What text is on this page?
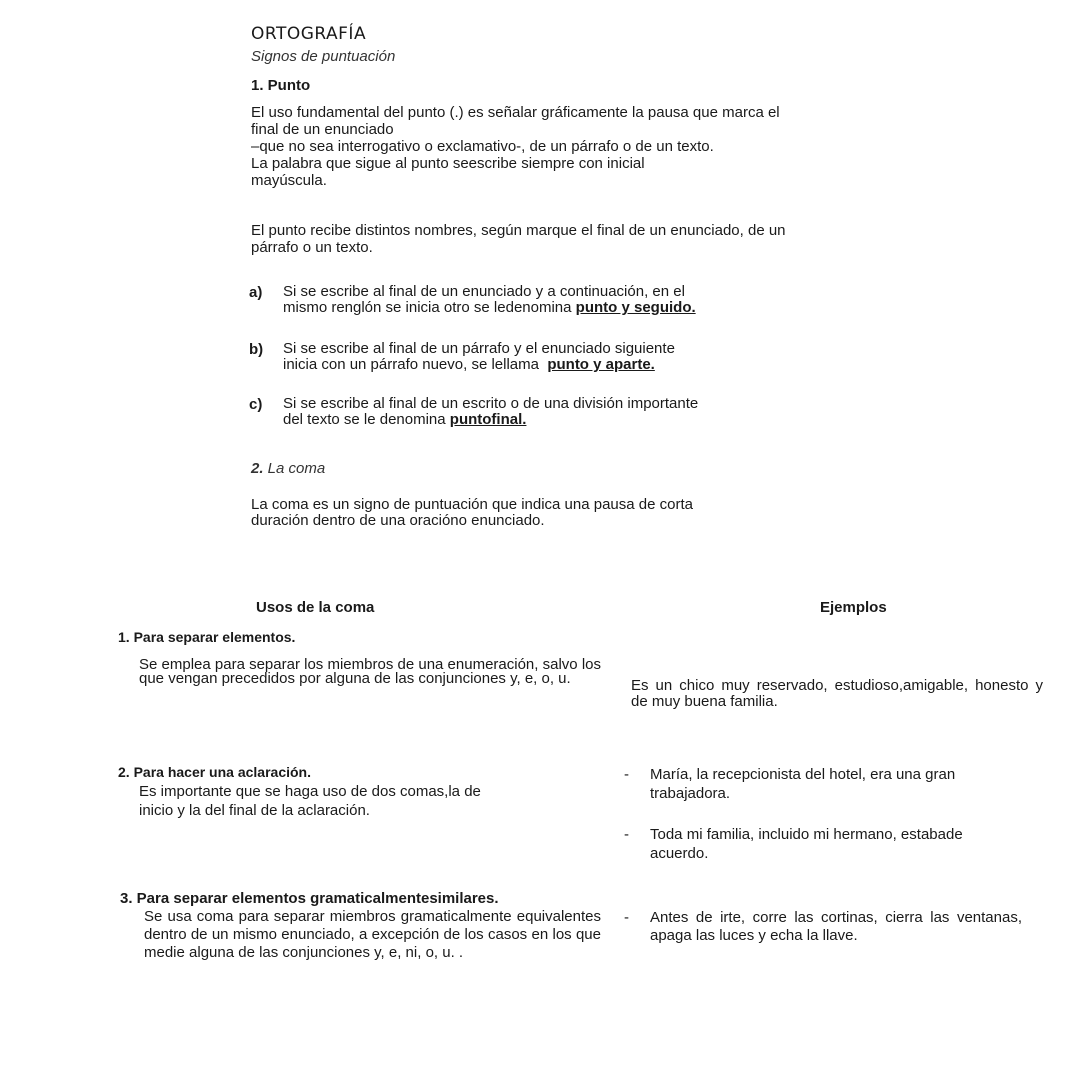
ORTOGRAFÍA
Signos de puntuación
1. Punto

El uso fundamental del punto (.) es señalar gráficamente la pausa que marca el

final de un enunciado

–que no sea interrogativo o exclamativo-, de un párrafo o de un texto.

La palabra que sigue al punto seescribe siempre con inicial

mayúscula.

El punto recibe distintos nombres, según marque el final de un enunciado, de un

párrafo o un texto.

a) Si se escribe al final de un enunciado y a continuación, en el
mismo renglón se inicia otro se ledenomina punto y seguido.
b) Si se escribe al final de un párrafo y el enunciado siguiente
inicia con un párrafo nuevo, se lellama  punto y aparte.
c) Si se escribe al final de un escrito o de una división importante
del texto se le denomina puntofinal.
2. La coma
La coma es un signo de puntuación que indica una pausa de corta
duración dentro de una oracióno enunciado.
Usos de la coma	Ejemplos
1. Para separar elementos.
Se emplea para separar los miembros de una enumeración, salvo los que vengan precedidos por alguna de las conjunciones y, e, o, u.	Es un chico muy reservado, estudioso,amigable, honesto y de muy buena familia.
2. Para hacer una aclaración.
Es importante que se haga uso de dos comas,la de
inicio y la del final de la aclaración.
- María, la recepcionista del hotel, era una gran
trabajadora.
- Toda mi familia, incluido mi hermano, estabade
acuerdo.
3. Para separar elementos gramaticalmentesimilares.
Se usa coma para separar miembros gramaticalmente equivalentes dentro de un mismo enunciado, a excepción de los casos en los que medie alguna de las conjunciones y, e, ni, o, u. .
- Antes de irte, corre las cortinas, cierra las ventanas, apaga las luces y echa la llave.
